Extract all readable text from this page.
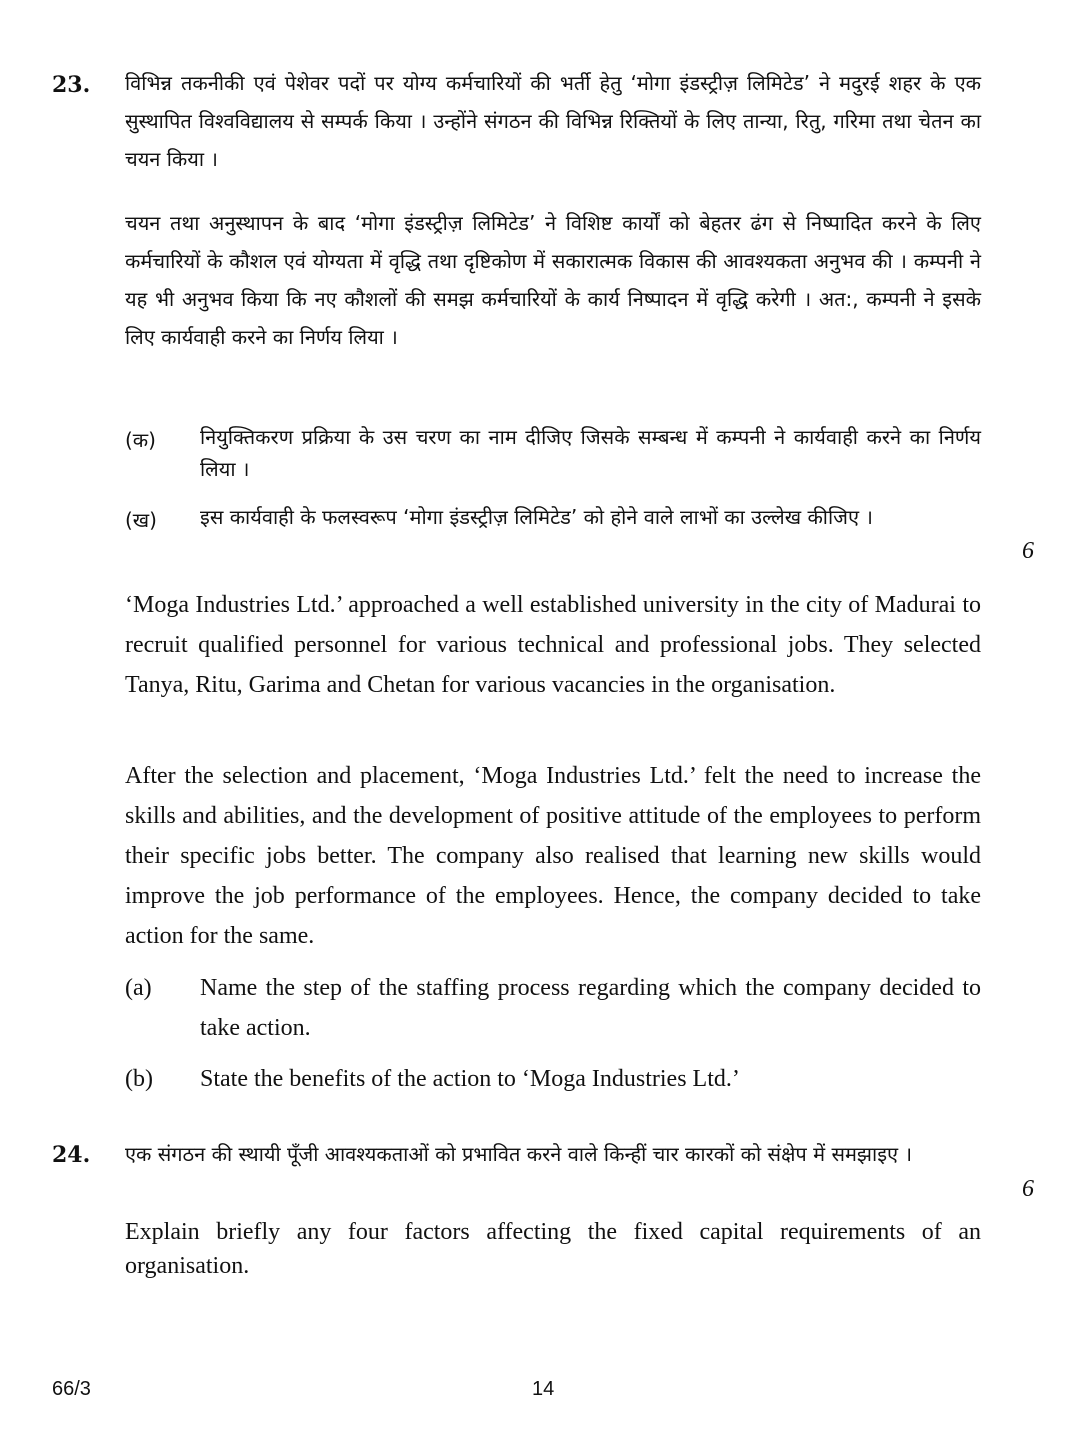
23. विभिन्न तकनीकी एवं पेशेवर पदों पर योग्य कर्मचारियों की भर्ती हेतु ‘मोगा इंडस्ट्रीज़ लिमिटेड’ ने मदुरई शहर के एक सुस्थापित विश्वविद्यालय से सम्पर्क किया । उन्होंने संगठन की विभिन्न रिक्तियों के लिए तान्या, रितु, गरिमा तथा चेतन का चयन किया ।
चयन तथा अनुस्थापन के बाद ‘मोगा इंडस्ट्रीज़ लिमिटेड’ ने विशिष्ट कार्यों को बेहतर ढंग से निष्पादित करने के लिए कर्मचारियों के कौशल एवं योग्यता में वृद्धि तथा दृष्टिकोण में सकारात्मक विकास की आवश्यकता अनुभव की । कम्पनी ने यह भी अनुभव किया कि नए कौशलों की समझ कर्मचारियों के कार्य निष्पादन में वृद्धि करेगी । अत:, कम्पनी ने इसके लिए कार्यवाही करने का निर्णय लिया ।
(क) नियुक्तिकरण प्रक्रिया के उस चरण का नाम दीजिए जिसके सम्बन्ध में कम्पनी ने कार्यवाही करने का निर्णय लिया ।
(ख) इस कार्यवाही के फलस्वरूप ‘मोगा इंडस्ट्रीज़ लिमिटेड’ को होने वाले लाभों का उल्लेख कीजिए ।
6
‘Moga Industries Ltd.’ approached a well established university in the city of Madurai to recruit qualified personnel for various technical and professional jobs. They selected Tanya, Ritu, Garima and Chetan for various vacancies in the organisation.
After the selection and placement, ‘Moga Industries Ltd.’ felt the need to increase the skills and abilities, and the development of positive attitude of the employees to perform their specific jobs better. The company also realised that learning new skills would improve the job performance of the employees. Hence, the company decided to take action for the same.
(a) Name the step of the staffing process regarding which the company decided to take action.
(b) State the benefits of the action to ‘Moga Industries Ltd.’
24. एक संगठन की स्थायी पूँजी आवश्यकताओं को प्रभावित करने वाले किन्हीं चार कारकों को संक्षेप में समझाइए ।
6
Explain briefly any four factors affecting the fixed capital requirements of an organisation.
66/3	14
